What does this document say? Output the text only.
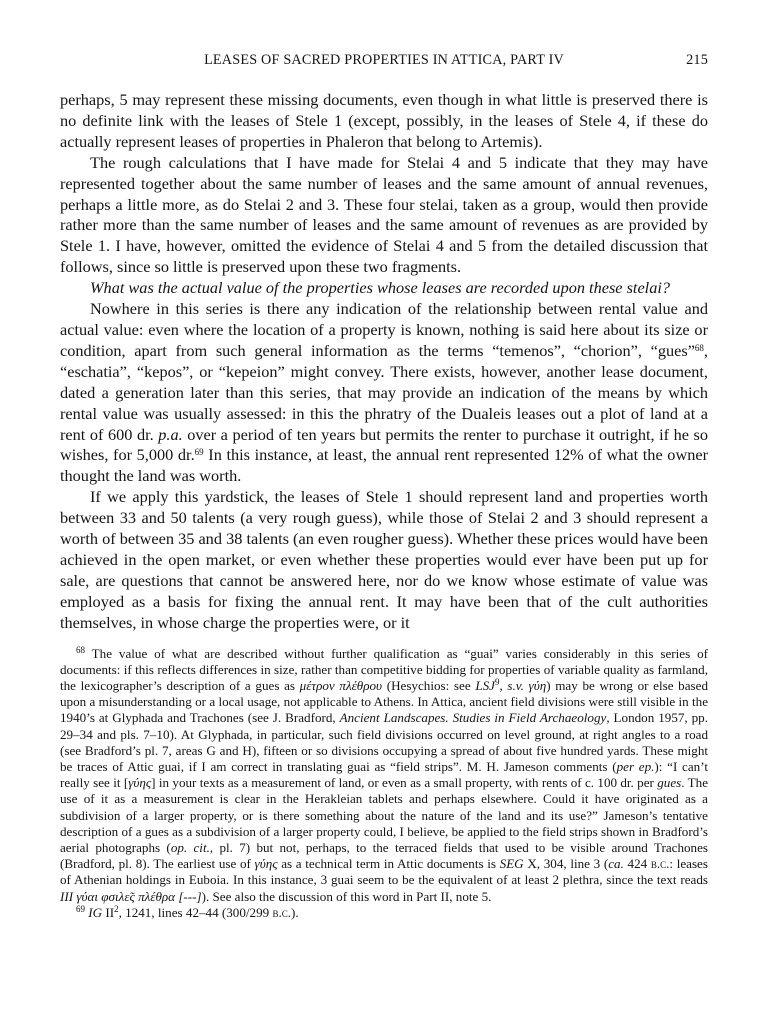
LEASES OF SACRED PROPERTIES IN ATTICA, PART IV	215

perhaps, 5 may represent these missing documents, even though in what little is preserved there is no definite link with the leases of Stele 1 (except, possibly, in the leases of Stele 4, if these do actually represent leases of properties in Phaleron that belong to Artemis).

The rough calculations that I have made for Stelai 4 and 5 indicate that they may have represented together about the same number of leases and the same amount of annual revenues, perhaps a little more, as do Stelai 2 and 3. These four stelai, taken as a group, would then provide rather more than the same number of leases and the same amount of revenues as are provided by Stele 1. I have, however, omitted the evidence of Stelai 4 and 5 from the detailed discussion that follows, since so little is preserved upon these two fragments.

What was the actual value of the properties whose leases are recorded upon these stelai?

Nowhere in this series is there any indication of the relationship between rental value and actual value: even where the location of a property is known, nothing is said here about its size or condition, apart from such general information as the terms “temenos”, “chorion”, “gues”$^{68}$, “eschatia”, “kepos”, or “kepeion” might convey. There exists, however, another lease document, dated a generation later than this series, that may provide an indication of the means by which rental value was usually assessed: in this the phratry of the Dualeis leases out a plot of land at a rent of 600 dr. p.a. over a period of ten years but permits the renter to purchase it outright, if he so wishes, for 5,000 dr.$^{69}$ In this instance, at least, the annual rent represented 12% of what the owner thought the land was worth.

If we apply this yardstick, the leases of Stele 1 should represent land and properties worth between 33 and 50 talents (a very rough guess), while those of Stelai 2 and 3 should represent a worth of between 35 and 38 talents (an even rougher guess). Whether these prices would have been achieved in the open market, or even whether these properties would ever have been put up for sale, are questions that cannot be answered here, nor do we know whose estimate of value was employed as a basis for fixing the annual rent. It may have been that of the cult authorities themselves, in whose charge the properties were, or it

$^{68}$ The value of what are described without further qualification as “guai” varies considerably in this series of documents: if this reflects differences in size, rather than competitive bidding for properties of variable quality as farmland, the lexicographer’s description of a gues as μέτρον πλέθρου (Hesychios: see LSJ$^9$, s.v. γύη) may be wrong or else based upon a misunderstanding or a local usage, not applicable to Athens. In Attica, ancient field divisions were still visible in the 1940’s at Glyphada and Trachones (see J. Bradford, Ancient Landscapes. Studies in Field Archaeology, London 1957, pp. 29–34 and pls. 7–10). At Glyphada, in particular, such field divisions occurred on level ground, at right angles to a road (see Bradford’s pl. 7, areas G and H), fifteen or so divisions occupying a spread of about five hundred yards. These might be traces of Attic guai, if I am correct in translating guai as “field strips”. M. H. Jameson comments (per ep.): “I can’t really see it [γύης] in your texts as a measurement of land, or even as a small property, with rents of c. 100 dr. per gues. The use of it as a measurement is clear in the Herakleian tablets and perhaps elsewhere. Could it have originated as a subdivision of a larger property, or is there something about the nature of the land and its use?” Jameson’s tentative description of a gues as a subdivision of a larger property could, I believe, be applied to the field strips shown in Bradford’s aerial photographs (op. cit., pl. 7) but not, perhaps, to the terraced fields that used to be visible around Trachones (Bradford, pl. 8). The earliest use of γύης as a technical term in Attic documents is SEG X, 304, line 3 (ca. 424 b.c.: leases of Athenian holdings in Euboia. In this instance, 3 guai seem to be the equivalent of at least 2 plethra, since the text reads ΙΙΙ γύαι φσιλε̃ς πλέθρα [---]). See also the discussion of this word in Part II, note 5.

$^{69}$ IG $II^2$, 1241, lines 42–44 (300/299 b.c.).
